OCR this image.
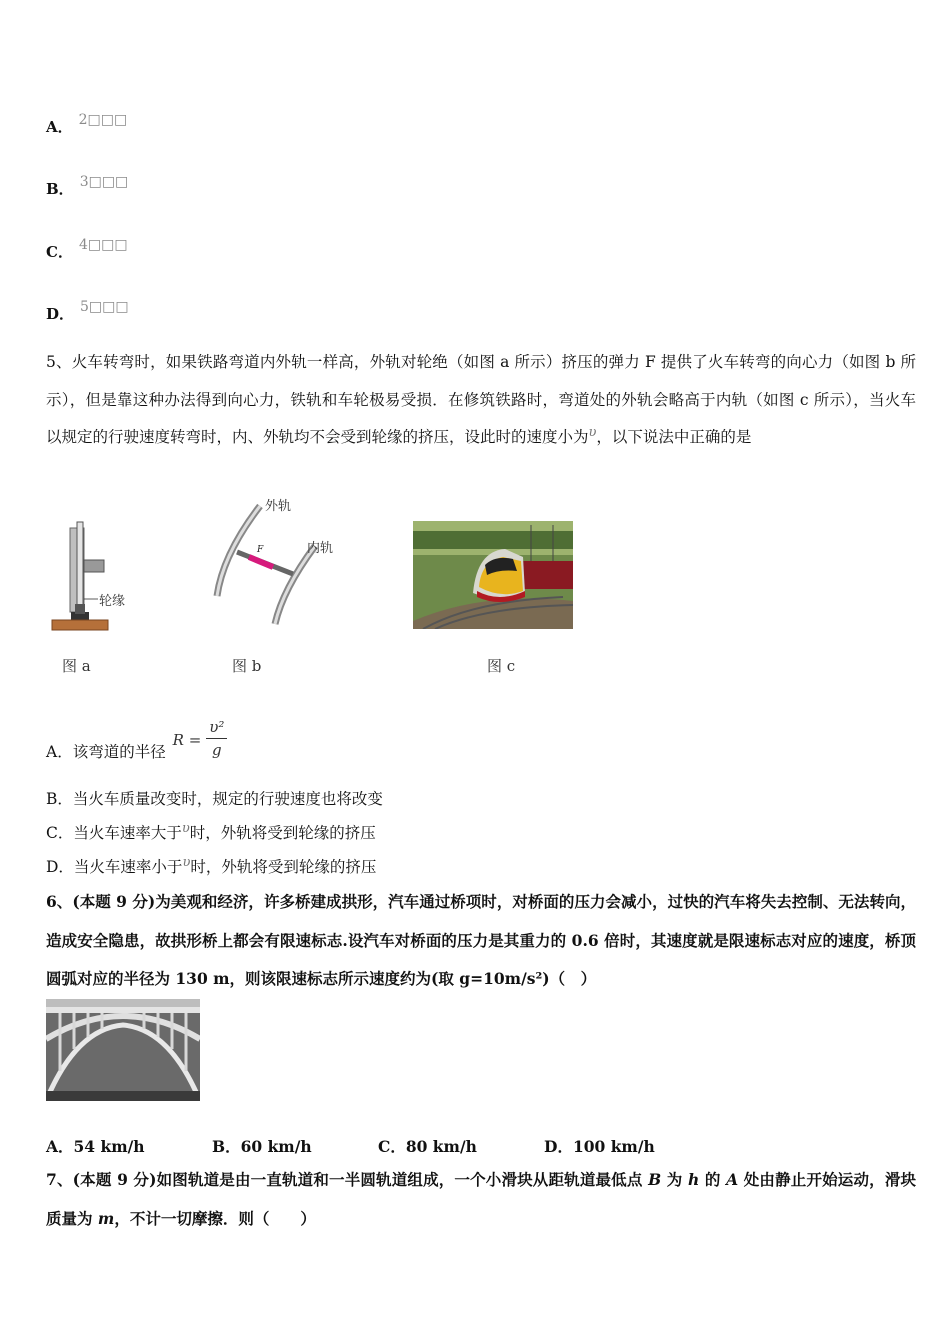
A． 2□□□
B． 3□□□
C． 4□□□
D． 5□□□
5、火车转弯时，如果铁路弯道内外轨一样高，外轨对轮绝（如图 a 所示）挤压的弹力 F 提供了火车转弯的向心力（如图 b 所示），但是靠这种办法得到向心力，铁轨和车轮极易受损．在修筑铁路时，弯道处的外轨会略高于内轨（如图 c 所示），当火车以规定的行驶速度转弯时，内、外轨均不会受到轮缘的挤压，设此时的速度小为$^\upsilon$，以下说法中正确的是
轮缘
F
外轨
内轨
图 a	图 b	图 c
A．该弯道的半径 $R = \frac{\text{υ²}}{g}$
B．当火车质量改变时，规定的行驶速度也将改变
C．当火车速率大于$^\upsilon$时，外轨将受到轮缘的挤压
D．当火车速率小于$^\upsilon$时，外轨将受到轮缘的挤压
6、(本题 9 分)为美观和经济，许多桥建成拱形，汽车通过桥项时，对桥面的压力会减小，过快的汽车将失去控制、无法转向，造成安全隐患，故拱形桥上都会有限速标志.设汽车对桥面的压力是其重力的 0.6 倍时，其速度就是限速标志对应的速度，桥顶圆弧对应的半径为 130 m，则该限速标志所示速度约为(取 g=10m/s²)（　）
A．54 km/h	B．60 km/h	C．80 km/h	D．100 km/h
7、(本题 9 分)如图轨道是由一直轨道和一半圆轨道组成，一个小滑块从距轨道最低点 B 为 h 的 A 处由静止开始运动，滑块质量为 m，不计一切摩擦．则（　　）
